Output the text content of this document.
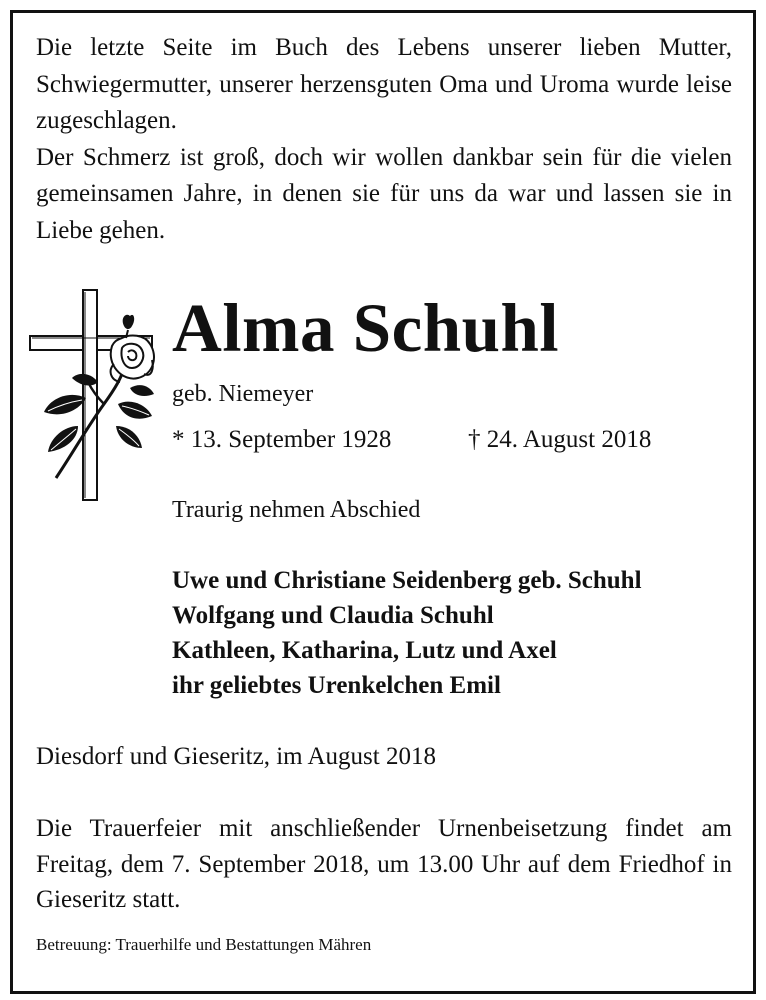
Die letzte Seite im Buch des Lebens unserer lieben Mutter, Schwiegermutter, unserer herzensguten Oma und Uroma wurde leise zugeschlagen.

Der Schmerz ist groß, doch wir wollen dankbar sein für die vielen gemeinsamen Jahre, in denen sie für uns da war und lassen sie in Liebe gehen.

Alma Schuhl
geb. Niemeyer
* 13. September 1928	† 24. August 2018
Traurig nehmen Abschied
Uwe und Christiane Seidenberg geb. Schuhl
Wolfgang und Claudia Schuhl
Kathleen, Katharina, Lutz und Axel
ihr geliebtes Urenkelchen Emil
Diesdorf und Gieseritz, im August 2018

Die Trauerfeier mit anschließender Urnenbeisetzung findet am Freitag, dem 7. September 2018, um 13.00 Uhr auf dem Friedhof in Gieseritz statt.

Betreuung: Trauerhilfe und Bestattungen Mähren
